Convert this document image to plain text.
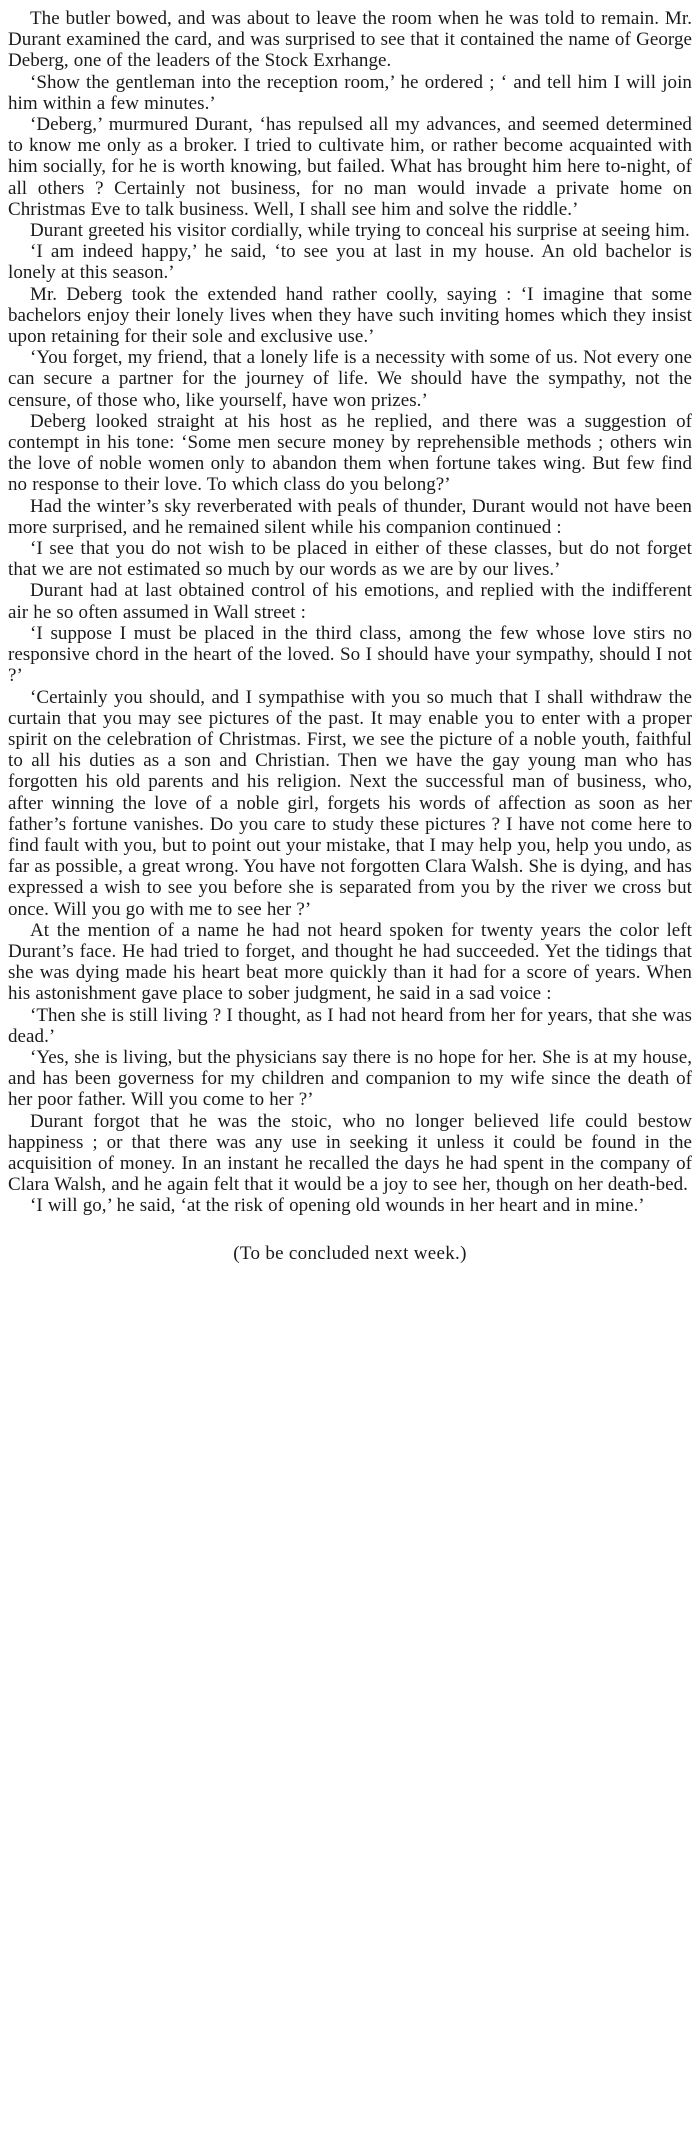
The butler bowed, and was about to leave the room when he was told to remain. Mr. Durant examined the card, and was surprised to see that it contained the name of George Deberg, one of the leaders of the Stock Exrhange.

‘Show the gentleman into the reception room,’ he ordered ; ‘ and tell him I will join him within a few minutes.’

‘Deberg,’ murmured Durant, ‘has repulsed all my advances, and seemed determined to know me only as a broker. I tried to cultivate him, or rather become acquainted with him socially, for he is worth knowing, but failed. What has brought him here to-night, of all others ? Certainly not business, for no man would invade a private home on Christmas Eve to talk business. Well, I shall see him and solve the riddle.’

Durant greeted his visitor cordially, while trying to conceal his surprise at seeing him.

‘I am indeed happy,’ he said, ‘to see you at last in my house. An old bachelor is lonely at this season.’

Mr. Deberg took the extended hand rather coolly, saying : ‘I imagine that some bachelors enjoy their lonely lives when they have such inviting homes which they insist upon retaining for their sole and exclusive use.’

‘You forget, my friend, that a lonely life is a necessity with some of us. Not every one can secure a partner for the journey of life. We should have the sympathy, not the censure, of those who, like yourself, have won prizes.’

Deberg looked straight at his host as he replied, and there was a suggestion of contempt in his tone: ‘Some men secure money by reprehensible methods ; others win the love of noble women only to abandon them when fortune takes wing. But few find no response to their love. To which class do you belong?’

Had the winter’s sky reverberated with peals of thunder, Durant would not have been more surprised, and he remained silent while his companion continued :

‘I see that you do not wish to be placed in either of these classes, but do not forget that we are not estimated so much by our words as we are by our lives.’

Durant had at last obtained control of his emotions, and replied with the indifferent air he so often assumed in Wall street :

‘I suppose I must be placed in the third class, among the few whose love stirs no responsive chord in the heart of the loved. So I should have your sympathy, should I not ?’

‘Certainly you should, and I sympathise with you so much that I shall withdraw the curtain that you may see pictures of the past. It may enable you to enter with a proper spirit on the celebration of Christmas. First, we see the picture of a noble youth, faithful to all his duties as a son and Christian. Then we have the gay young man who has forgotten his old parents and his religion. Next the successful man of business, who, after winning the love of a noble girl, forgets his words of affection as soon as her father’s fortune vanishes. Do you care to study these pictures ? I have not come here to find fault with you, but to point out your mistake, that I may help you, help you undo, as far as possible, a great wrong. You have not forgotten Clara Walsh. She is dying, and has expressed a wish to see you before she is separated from you by the river we cross but once. Will you go with me to see her ?’

At the mention of a name he had not heard spoken for twenty years the color left Durant’s face. He had tried to forget, and thought he had succeeded. Yet the tidings that she was dying made his heart beat more quickly than it had for a score of years. When his astonishment gave place to sober judgment, he said in a sad voice :

‘Then she is still living ? I thought, as I had not heard from her for years, that she was dead.’

‘Yes, she is living, but the physicians say there is no hope for her. She is at my house, and has been governess for my children and companion to my wife since the death of her poor father. Will you come to her ?’

Durant forgot that he was the stoic, who no longer believed life could bestow happiness ; or that there was any use in seeking it unless it could be found in the acquisition of money. In an instant he recalled the days he had spent in the company of Clara Walsh, and he again felt that it would be a joy to see her, though on her death-bed.

‘I will go,’ he said, ‘at the risk of opening old wounds in her heart and in mine.’

(To be concluded next week.)
